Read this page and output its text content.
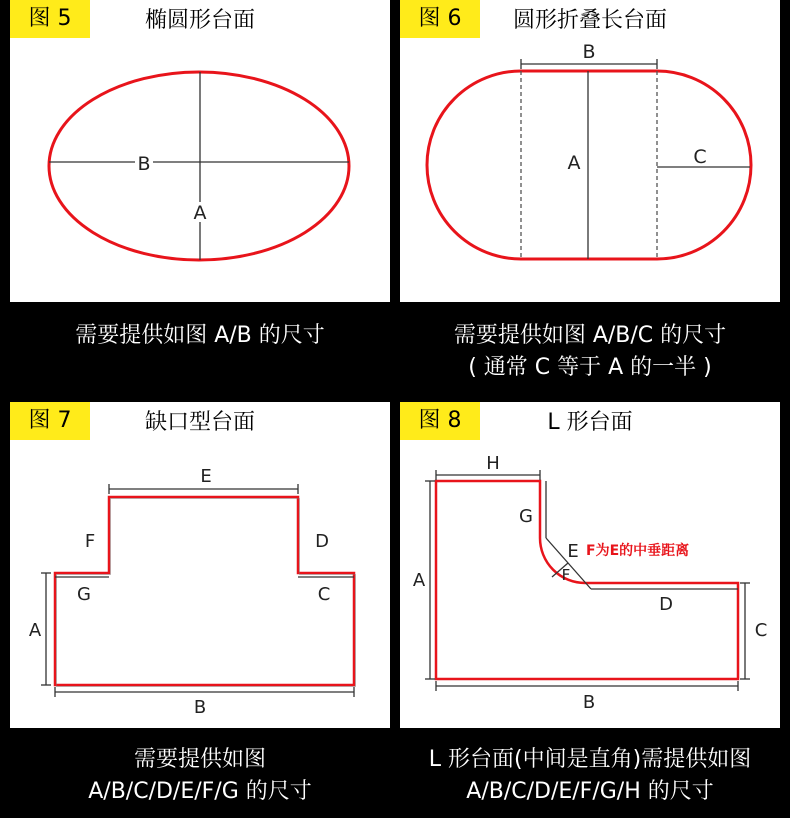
图 5	椭圆形台面
B
A
图 6	圆形折叠长台面
B
A	C
需要提供如图 A/B 的尺寸	需要提供如图 A/B/C 的尺寸
( 通常 C 等于 A 的一半 )
图 7	缺口型台面
E
F	D
G	C
A
B
图 8	L 形台面
H
G
E
F
F为E的中垂距离
D
C
A
B
需要提供如图
A/B/C/D/E/F/G 的尺寸
L 形台面(中间是直角)需提供如图
A/B/C/D/E/F/G/H 的尺寸
